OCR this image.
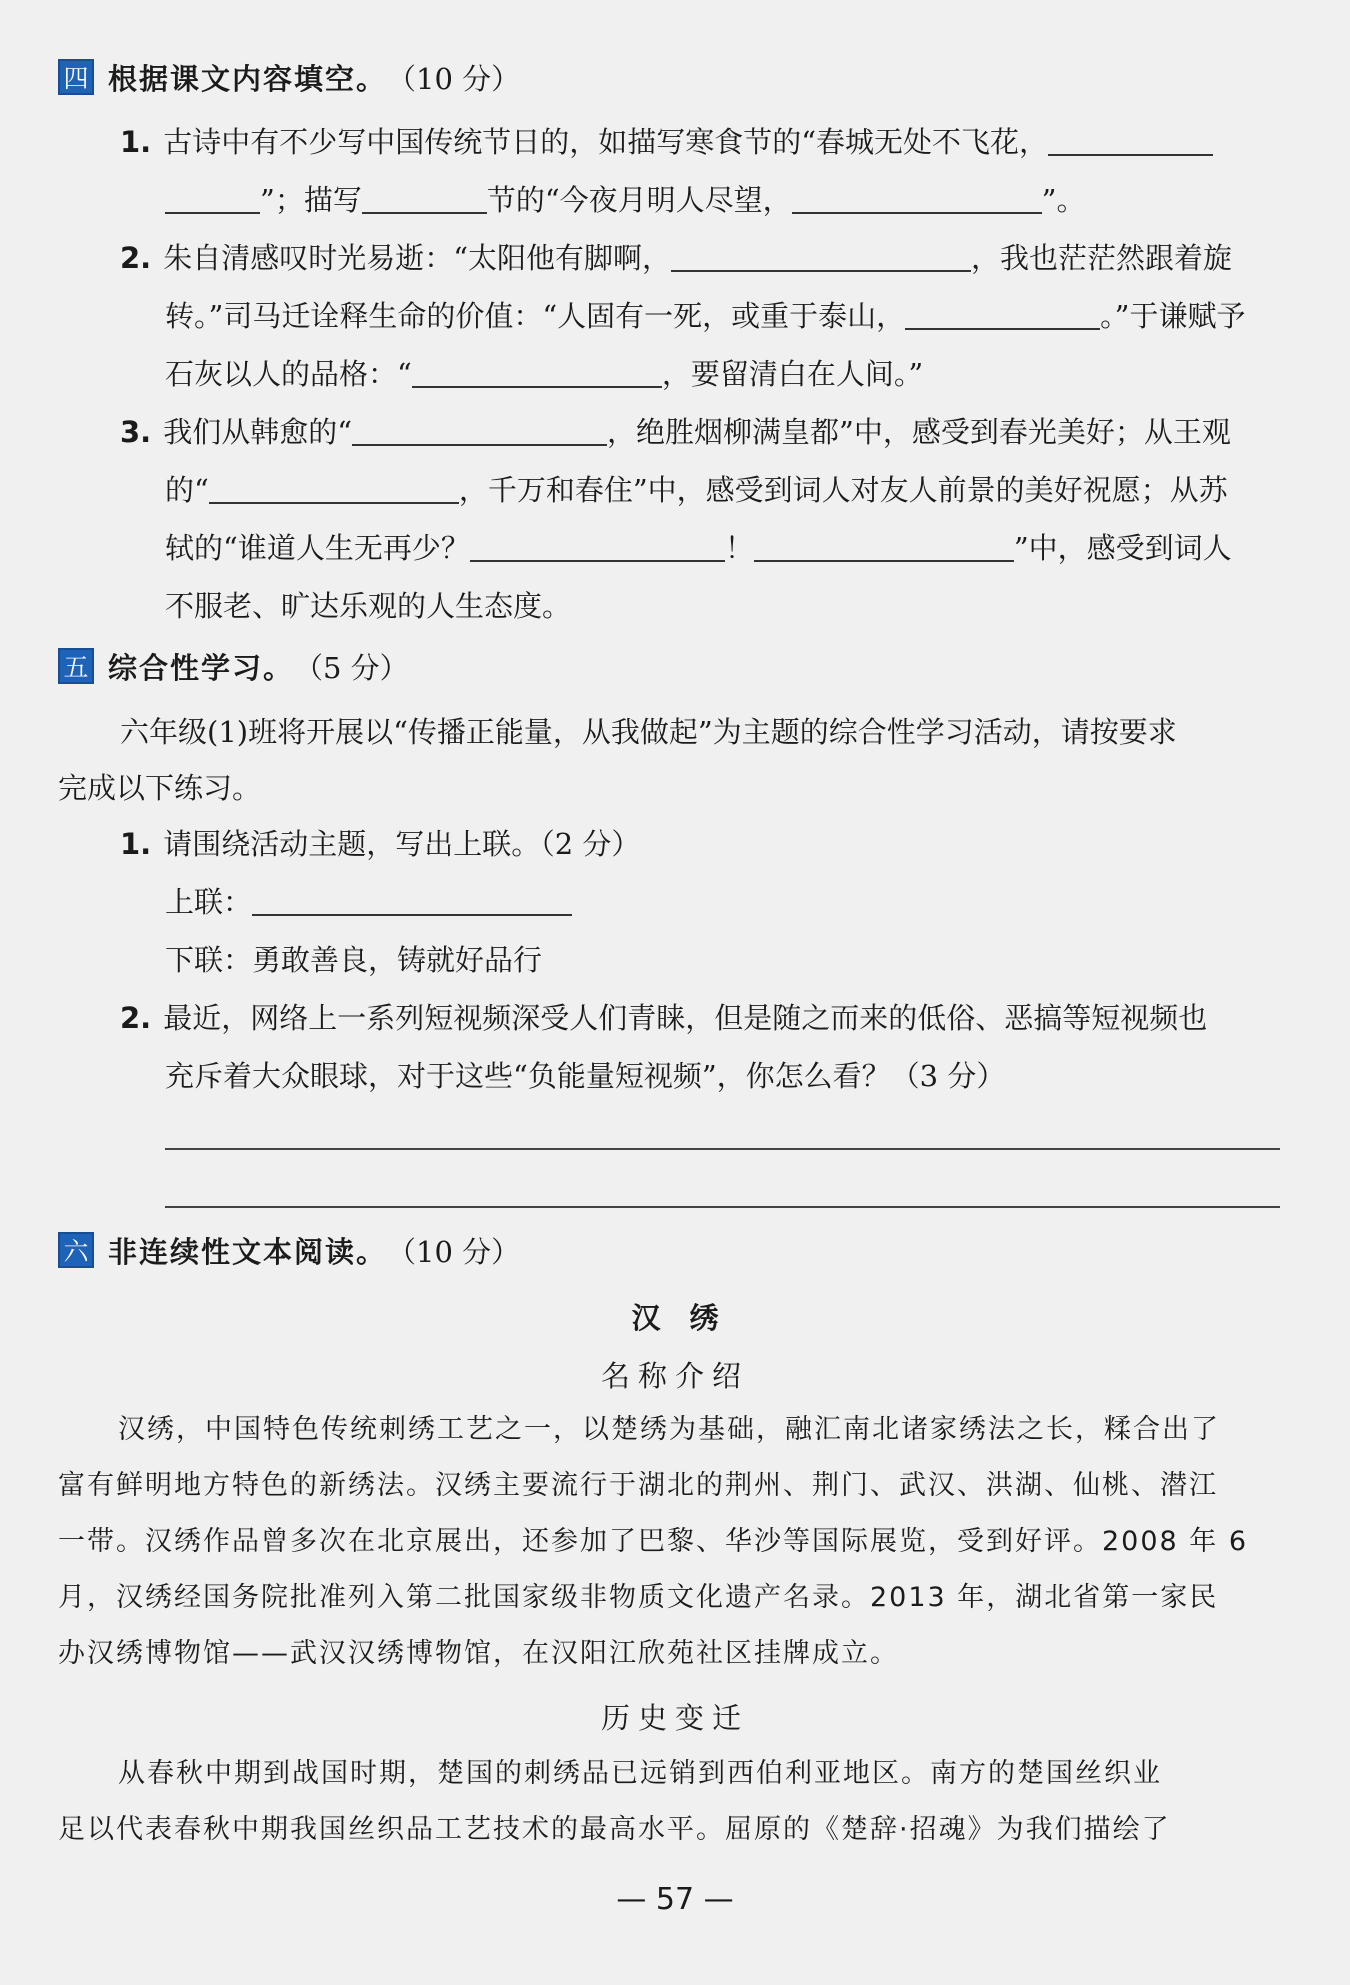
四 根据课文内容填空。 （10 分）
1. 古诗中有不少写中国传统节日的，如描写寒食节的“春城无处不飞花，
”；描写	节的“今夜月明人尽望，	”。
2. 朱自清感叹时光易逝：“太阳他有脚啊，	，我也茫茫然跟着旋
转。”司马迁诠释生命的价值：“人固有一死，或重于泰山，	。”于谦赋予
石灰以人的品格：“	，要留清白在人间。”
3. 我们从韩愈的“	，绝胜烟柳满皇都”中，感受到春光美好；从王观
的“	，千万和春住”中，感受到词人对友人前景的美好祝愿；从苏
轼的“谁道人生无再少？	！	”中，感受到词人
不服老、旷达乐观的人生态度。
五 综合性学习。 （5 分）
六年级(1)班将开展以“传播正能量，从我做起”为主题的综合性学习活动，请按要求
完成以下练习。
1. 请围绕活动主题，写出上联。（2 分）
上联：
下联：勇敢善良，铸就好品行
2. 最近，网络上一系列短视频深受人们青睐，但是随之而来的低俗、恶搞等短视频也
充斥着大众眼球，对于这些“负能量短视频”，你怎么看？（3 分）
六 非连续性文本阅读。 （10 分）
汉　绣
名称介绍
汉绣，中国特色传统刺绣工艺之一，以楚绣为基础，融汇南北诸家绣法之长，糅合出了
富有鲜明地方特色的新绣法。汉绣主要流行于湖北的荆州、荆门、武汉、洪湖、仙桃、潜江
一带。汉绣作品曾多次在北京展出，还参加了巴黎、华沙等国际展览，受到好评。2008 年 6
月，汉绣经国务院批准列入第二批国家级非物质文化遗产名录。2013 年，湖北省第一家民
办汉绣博物馆——武汉汉绣博物馆，在汉阳江欣苑社区挂牌成立。
历史变迁
从春秋中期到战国时期，楚国的刺绣品已远销到西伯利亚地区。南方的楚国丝织业
足以代表春秋中期我国丝织品工艺技术的最高水平。屈原的《楚辞·招魂》为我们描绘了
— 57 —
